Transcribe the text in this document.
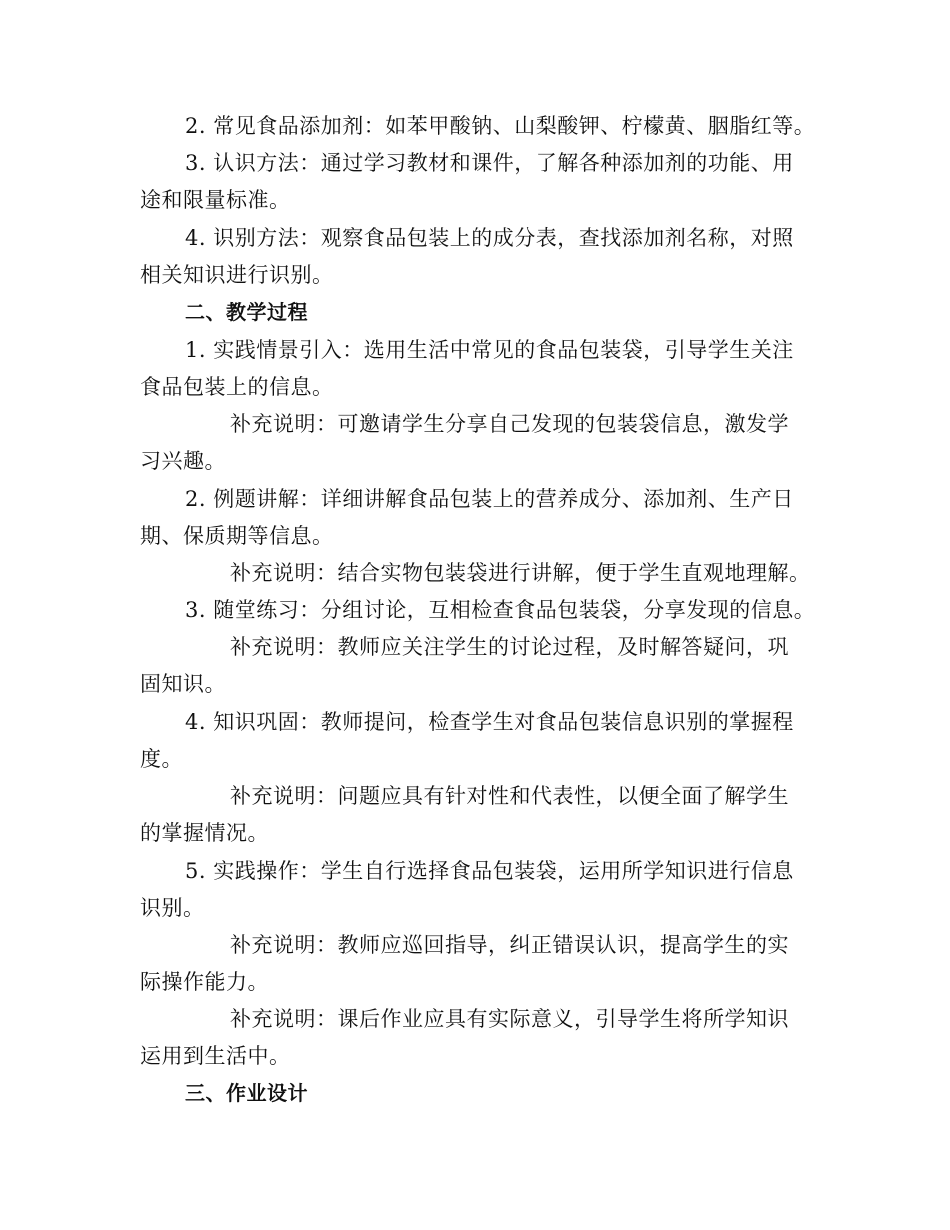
2. 常见食品添加剂：如苯甲酸钠、山梨酸钾、柠檬黄、胭脂红等。
3. 认识方法：通过学习教材和课件，了解各种添加剂的功能、用
途和限量标准。
4. 识别方法：观察食品包装上的成分表，查找添加剂名称，对照
相关知识进行识别。
二、教学过程
1. 实践情景引入：选用生活中常见的食品包装袋，引导学生关注
食品包装上的信息。
补充说明：可邀请学生分享自己发现的包装袋信息，激发学
习兴趣。
2. 例题讲解：详细讲解食品包装上的营养成分、添加剂、生产日
期、保质期等信息。
补充说明：结合实物包装袋进行讲解，便于学生直观地理解。
3. 随堂练习：分组讨论，互相检查食品包装袋，分享发现的信息。
补充说明：教师应关注学生的讨论过程，及时解答疑问，巩
固知识。
4. 知识巩固：教师提问，检查学生对食品包装信息识别的掌握程
度。
补充说明：问题应具有针对性和代表性，以便全面了解学生
的掌握情况。
5. 实践操作：学生自行选择食品包装袋，运用所学知识进行信息
识别。
补充说明：教师应巡回指导，纠正错误认识，提高学生的实
际操作能力。
补充说明：课后作业应具有实际意义，引导学生将所学知识
运用到生活中。
三、作业设计
